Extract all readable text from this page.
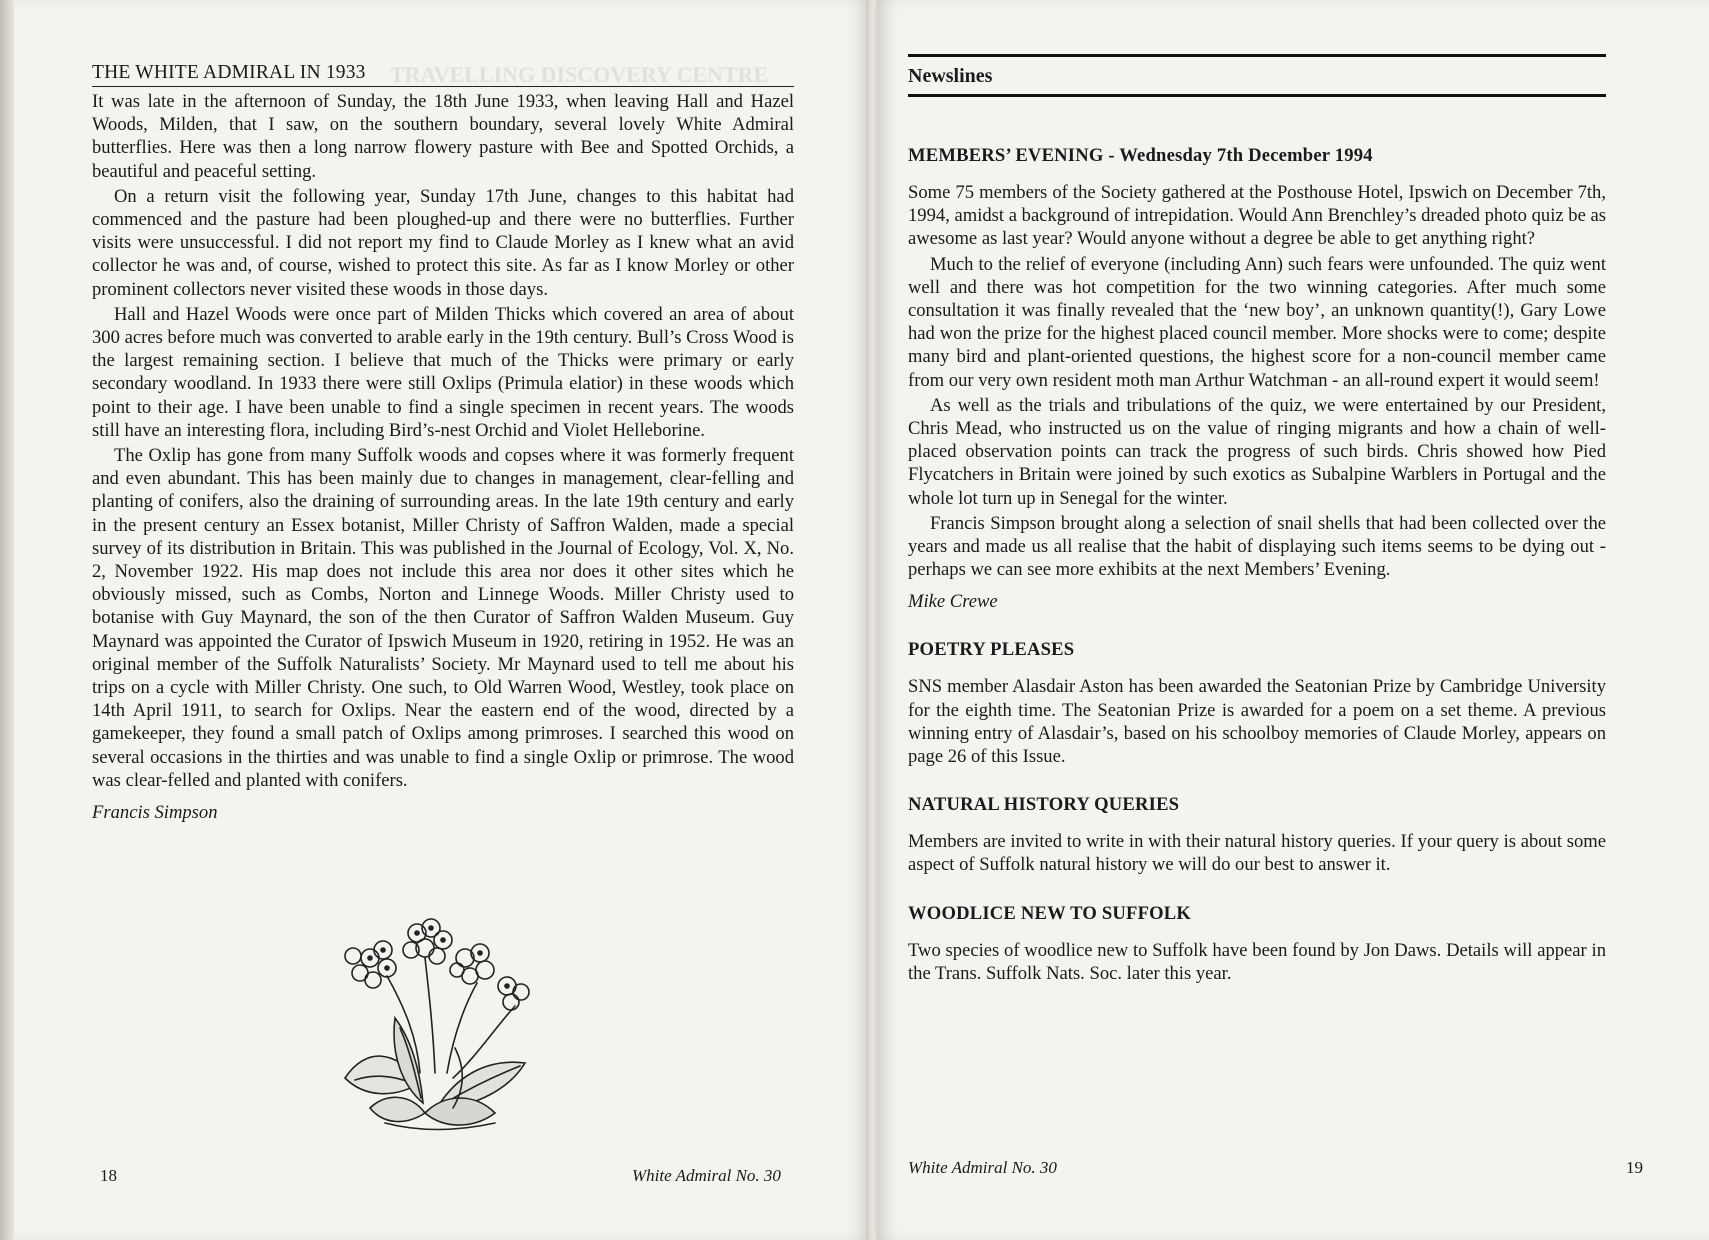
TRAVELLING DISCOVERY CENTRE
THE WHITE ADMIRAL IN 1933

It was late in the afternoon of Sunday, the 18th June 1933, when leaving Hall and Hazel Woods, Milden, that I saw, on the southern boundary, several lovely White Admiral butterflies. Here was then a long narrow flowery pasture with Bee and Spotted Orchids, a beautiful and peaceful setting.

On a return visit the following year, Sunday 17th June, changes to this habitat had commenced and the pasture had been ploughed-up and there were no butterflies. Further visits were unsuccessful. I did not report my find to Claude Morley as I knew what an avid collector he was and, of course, wished to protect this site. As far as I know Morley or other prominent collectors never visited these woods in those days.

Hall and Hazel Woods were once part of Milden Thicks which covered an area of about 300 acres before much was converted to arable early in the 19th century. Bull’s Cross Wood is the largest remaining section. I believe that much of the Thicks were primary or early secondary woodland. In 1933 there were still Oxlips (Primula elatior) in these woods which point to their age. I have been unable to find a single specimen in recent years. The woods still have an interesting flora, including Bird’s-nest Orchid and Violet Helleborine.

The Oxlip has gone from many Suffolk woods and copses where it was formerly frequent and even abundant. This has been mainly due to changes in management, clear-felling and planting of conifers, also the draining of surrounding areas. In the late 19th century and early in the present century an Essex botanist, Miller Christy of Saffron Walden, made a special survey of its distribution in Britain. This was published in the Journal of Ecology, Vol. X, No. 2, November 1922. His map does not include this area nor does it other sites which he obviously missed, such as Combs, Norton and Linnege Woods. Miller Christy used to botanise with Guy Maynard, the son of the then Curator of Saffron Walden Museum. Guy Maynard was appointed the Curator of Ipswich Museum in 1920, retiring in 1952. He was an original member of the Suffolk Naturalists’ Society. Mr Maynard used to tell me about his trips on a cycle with Miller Christy. One such, to Old Warren Wood, Westley, took place on 14th April 1911, to search for Oxlips. Near the eastern end of the wood, directed by a gamekeeper, they found a small patch of Oxlips among primroses. I searched this wood on several occasions in the thirties and was unable to find a single Oxlip or primrose. The wood was clear-felled and planted with conifers.

Francis Simpson
18	White Admiral No. 30
Newslines
MEMBERS’ EVENING - Wednesday 7th December 1994

Some 75 members of the Society gathered at the Posthouse Hotel, Ipswich on December 7th, 1994, amidst a background of intrepidation. Would Ann Brenchley’s dreaded photo quiz be as awesome as last year? Would anyone without a degree be able to get anything right?

Much to the relief of everyone (including Ann) such fears were unfounded. The quiz went well and there was hot competition for the two winning categories. After much some consultation it was finally revealed that the ‘new boy’, an unknown quantity(!), Gary Lowe had won the prize for the highest placed council member. More shocks were to come; despite many bird and plant-oriented questions, the highest score for a non-council member came from our very own resident moth man Arthur Watchman - an all-round expert it would seem!

As well as the trials and tribulations of the quiz, we were entertained by our President, Chris Mead, who instructed us on the value of ringing migrants and how a chain of well-placed observation points can track the progress of such birds. Chris showed how Pied Flycatchers in Britain were joined by such exotics as Subalpine Warblers in Portugal and the whole lot turn up in Senegal for the winter.

Francis Simpson brought along a selection of snail shells that had been collected over the years and made us all realise that the habit of displaying such items seems to be dying out - perhaps we can see more exhibits at the next Members’ Evening.

Mike Crewe
POETRY PLEASES

SNS member Alasdair Aston has been awarded the Seatonian Prize by Cambridge University for the eighth time. The Seatonian Prize is awarded for a poem on a set theme. A previous winning entry of Alasdair’s, based on his schoolboy memories of Claude Morley, appears on page 26 of this Issue.

NATURAL HISTORY QUERIES

Members are invited to write in with their natural history queries. If your query is about some aspect of Suffolk natural history we will do our best to answer it.

WOODLICE NEW TO SUFFOLK

Two species of woodlice new to Suffolk have been found by Jon Daws. Details will appear in the Trans. Suffolk Nats. Soc. later this year.

White Admiral No. 30	19
